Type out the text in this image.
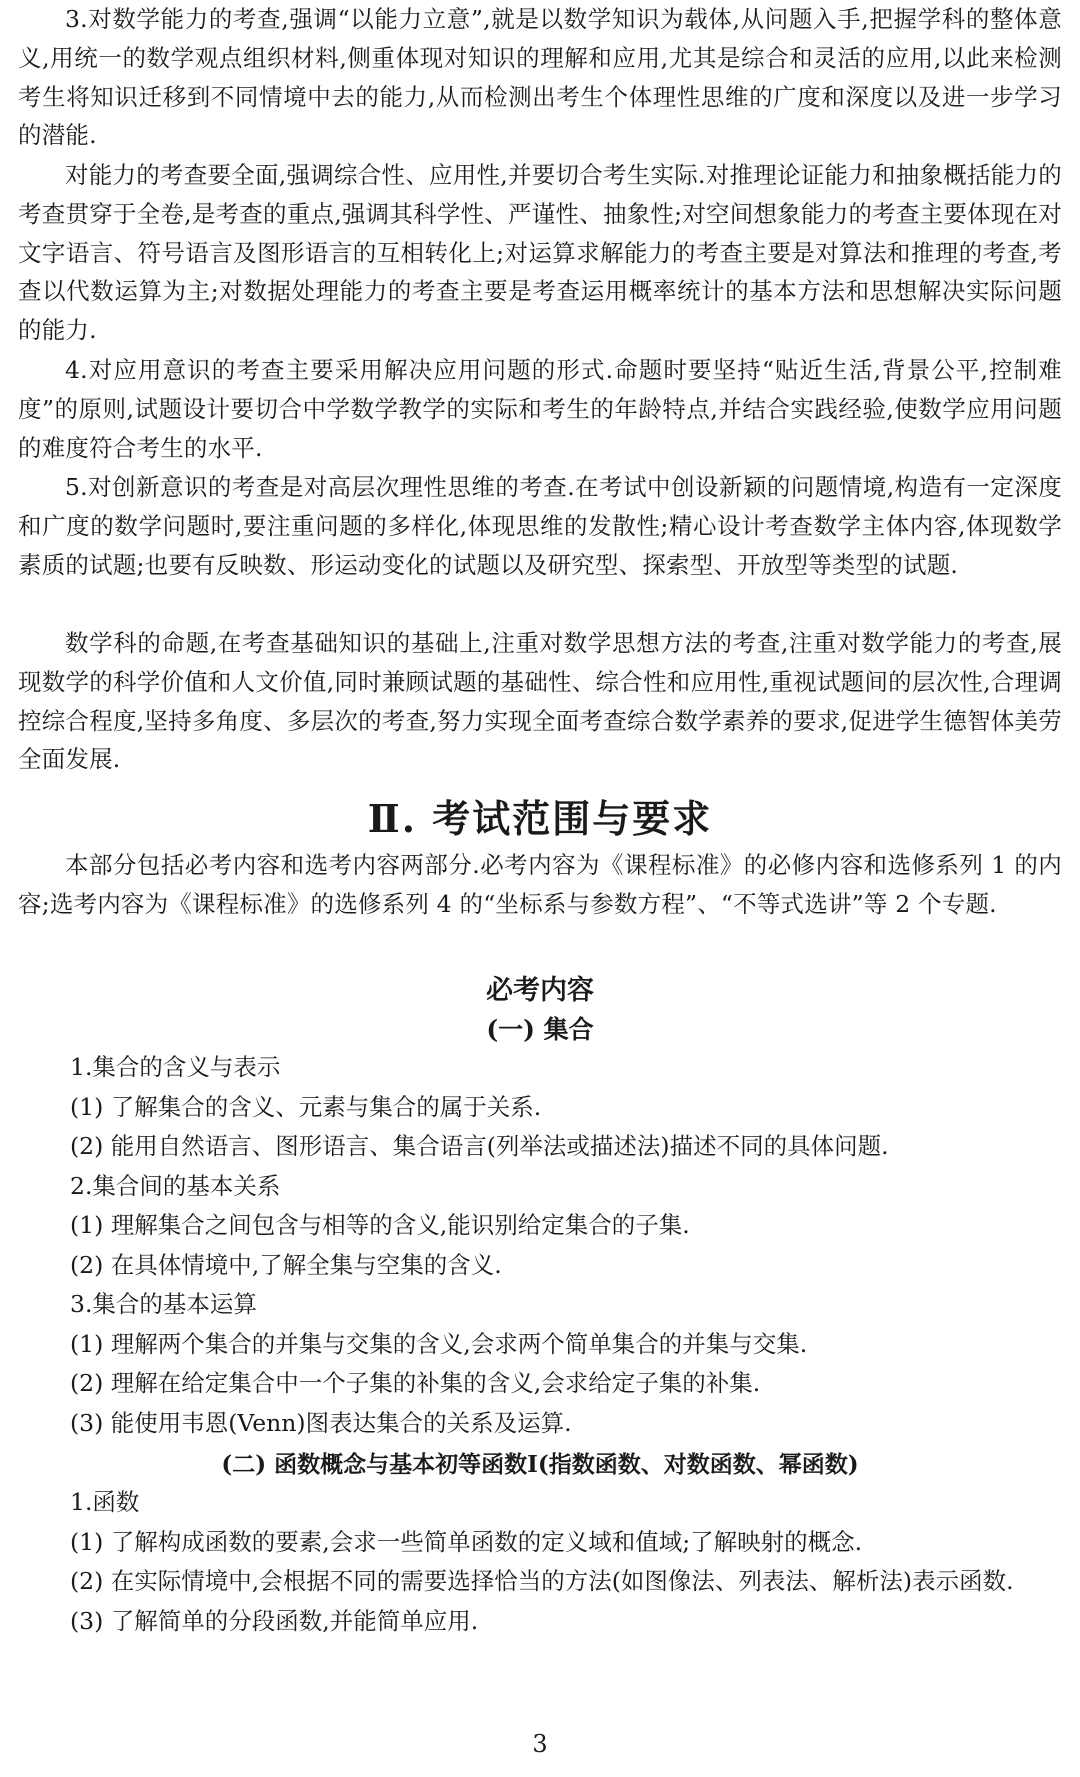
3.对数学能力的考查,强调“以能力立意”,就是以数学知识为载体,从问题入手,把握学科的整体意义,用统一的数学观点组织材料,侧重体现对知识的理解和应用,尤其是综合和灵活的应用,以此来检测考生将知识迁移到不同情境中去的能力,从而检测出考生个体理性思维的广度和深度以及进一步学习的潜能.

对能力的考查要全面,强调综合性、应用性,并要切合考生实际.对推理论证能力和抽象概括能力的考查贯穿于全卷,是考查的重点,强调其科学性、严谨性、抽象性;对空间想象能力的考查主要体现在对文字语言、符号语言及图形语言的互相转化上;对运算求解能力的考查主要是对算法和推理的考查,考查以代数运算为主;对数据处理能力的考查主要是考查运用概率统计的基本方法和思想解决实际问题的能力.

4.对应用意识的考查主要采用解决应用问题的形式.命题时要坚持“贴近生活,背景公平,控制难度”的原则,试题设计要切合中学数学教学的实际和考生的年龄特点,并结合实践经验,使数学应用问题的难度符合考生的水平.

5.对创新意识的考查是对高层次理性思维的考查.在考试中创设新颖的问题情境,构造有一定深度和广度的数学问题时,要注重问题的多样化,体现思维的发散性;精心设计考查数学主体内容,体现数学素质的试题;也要有反映数、形运动变化的试题以及研究型、探索型、开放型等类型的试题.

数学科的命题,在考查基础知识的基础上,注重对数学思想方法的考查,注重对数学能力的考查,展现数学的科学价值和人文价值,同时兼顾试题的基础性、综合性和应用性,重视试题间的层次性,合理调控综合程度,坚持多角度、多层次的考查,努力实现全面考查综合数学素养的要求,促进学生德智体美劳全面发展.

Ⅱ. 考试范围与要求

本部分包括必考内容和选考内容两部分.必考内容为《课程标准》的必修内容和选修系列 1 的内容;选考内容为《课程标准》的选修系列 4 的“坐标系与参数方程”、“不等式选讲”等 2 个专题.

必考内容
(一) 集合
1.集合的含义与表示
(1) 了解集合的含义、元素与集合的属于关系.
(2) 能用自然语言、图形语言、集合语言(列举法或描述法)描述不同的具体问题.
2.集合间的基本关系
(1) 理解集合之间包含与相等的含义,能识别给定集合的子集.
(2) 在具体情境中,了解全集与空集的含义.
3.集合的基本运算
(1) 理解两个集合的并集与交集的含义,会求两个简单集合的并集与交集.
(2) 理解在给定集合中一个子集的补集的含义,会求给定子集的补集.
(3) 能使用韦恩(Venn)图表达集合的关系及运算.
(二) 函数概念与基本初等函数Ⅰ(指数函数、对数函数、幂函数)
1.函数
(1) 了解构成函数的要素,会求一些简单函数的定义域和值域;了解映射的概念.
(2) 在实际情境中,会根据不同的需要选择恰当的方法(如图像法、列表法、解析法)表示函数.
(3) 了解简单的分段函数,并能简单应用.

3
